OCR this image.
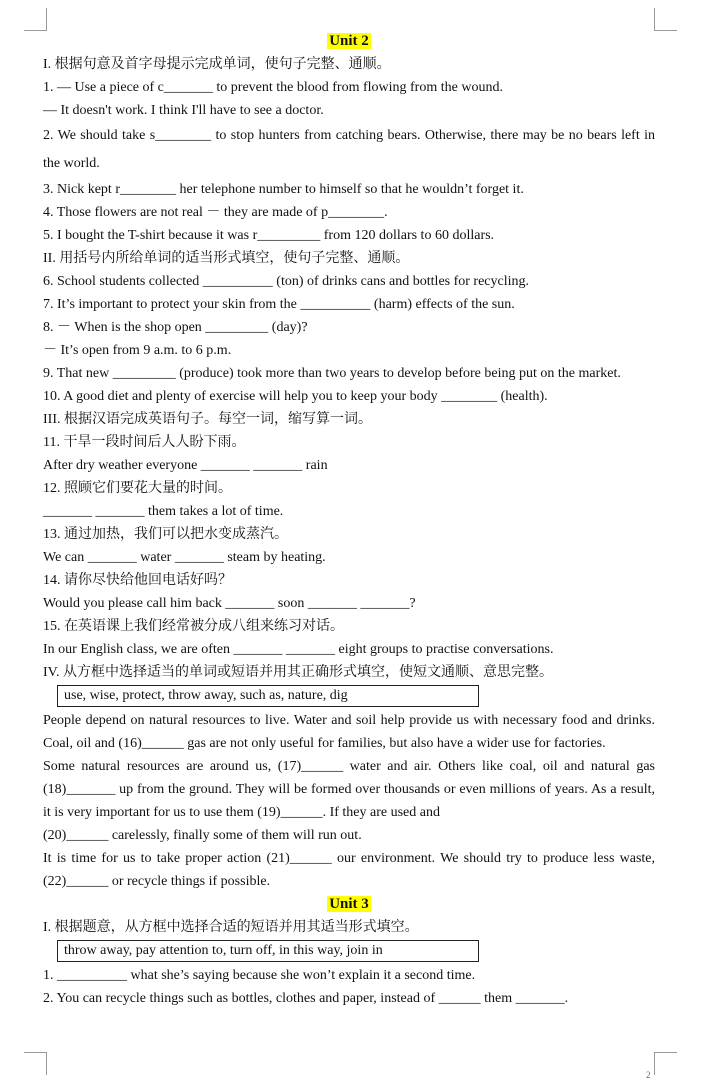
Unit 2
I. 根据句意及首字母提示完成单词，使句子完整、通顺。
1. — Use a piece of c_______ to prevent the blood from flowing from the wound.
— It doesn't work. I think I'll have to see a doctor.
2. We should take s________ to stop hunters from catching bears. Otherwise, there may be no bears left in the world.
3. Nick kept r________ her telephone number to himself so that he wouldn’t forget it.
4. Those flowers are not real － they are made of p________.
5. I bought the T-shirt because it was r_________ from 120 dollars to 60 dollars.
II. 用括号内所给单词的适当形式填空，使句子完整、通顺。
6. School students collected __________ (ton) of drinks cans and bottles for recycling.
7. It’s important to protect your skin from the __________ (harm) effects of the sun.
8. － When is the shop open _________ (day)?
－ It’s open from 9 a.m. to 6 p.m.
9. That new _________ (produce) took more than two years to develop before being put on the market.
10. A good diet and plenty of exercise will help you to keep your body ________ (health).
III. 根据汉语完成英语句子。每空一词，缩写算一词。
11. 干旱一段时间后人人盼下雨。
After dry weather everyone _______ _______ rain
12. 照顾它们要花大量的时间。
_______ _______ them takes a lot of time.
13. 通过加热，我们可以把水变成蒸汽。
We can _______ water _______ steam by heating.
14. 请你尽快给他回电话好吗？
Would you please call him back _______ soon _______ _______?
15. 在英语课上我们经常被分成八组来练习对话。
In our English class, we are often _______ _______ eight groups to practise conversations.
IV. 从方框中选择适当的单词或短语并用其正确形式填空，使短文通顺、意思完整。
use, wise, protect, throw away, such as, nature, dig
People depend on natural resources to live. Water and soil help provide us with necessary food and drinks. Coal, oil and (16)______ gas are not only useful for families, but also have a wider use for factories.
Some natural resources are around us, (17)______ water and air. Others like coal, oil and natural gas (18)_______ up from the ground. They will be formed over thousands or even millions of years. As a result, it is very important for us to use them (19)______. If they are used and
(20)______ carelessly, finally some of them will run out.
It is time for us to take proper action (21)______ our environment. We should try to produce less waste, (22)______ or recycle things if possible.
Unit 3
I. 根据题意，从方框中选择合适的短语并用其适当形式填空。
throw away, pay attention to, turn off, in this way, join in
1. __________ what she’s saying because she won’t explain it a second time.
2. You can recycle things such as bottles, clothes and paper, instead of ______ them _______.
2
